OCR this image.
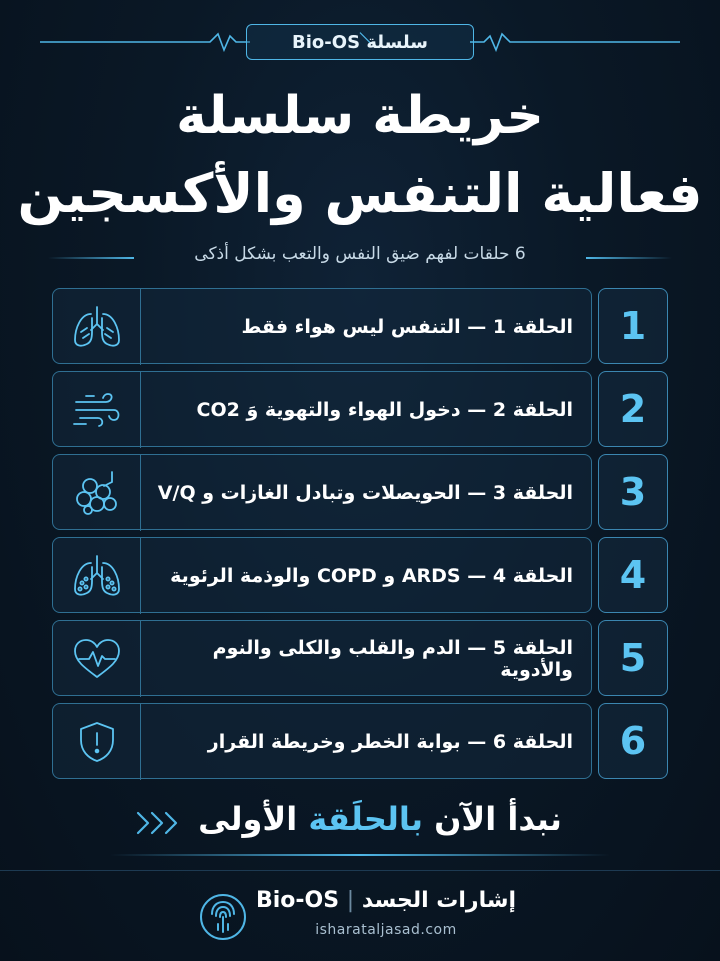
سلسلة Bio-OS
خريطة سلسلة
فعالية التنفس والأكسجين
6 حلقات لفهم ضيق النفس والتعب بشكل أذكى
الحلقة 1 — التنفس ليس هواء فقط	1
الحلقة 2 — دخول الهواء والتهوية وَ CO2	2
الحلقة 3 — الحويصلات وتبادل الغازات و V/Q	3
الحلقة 4 — ARDS و COPD والوذمة الرئوية	4
الحلقة 5 — الدم والقلب والكلى والنوم والأدوية	5
الحلقة 6 — بوابة الخطر وخريطة القرار	6
نبدأ الآن بالحلَقة الأولى
Bio-OS | إشارات الجسد
isharataljasad.com
